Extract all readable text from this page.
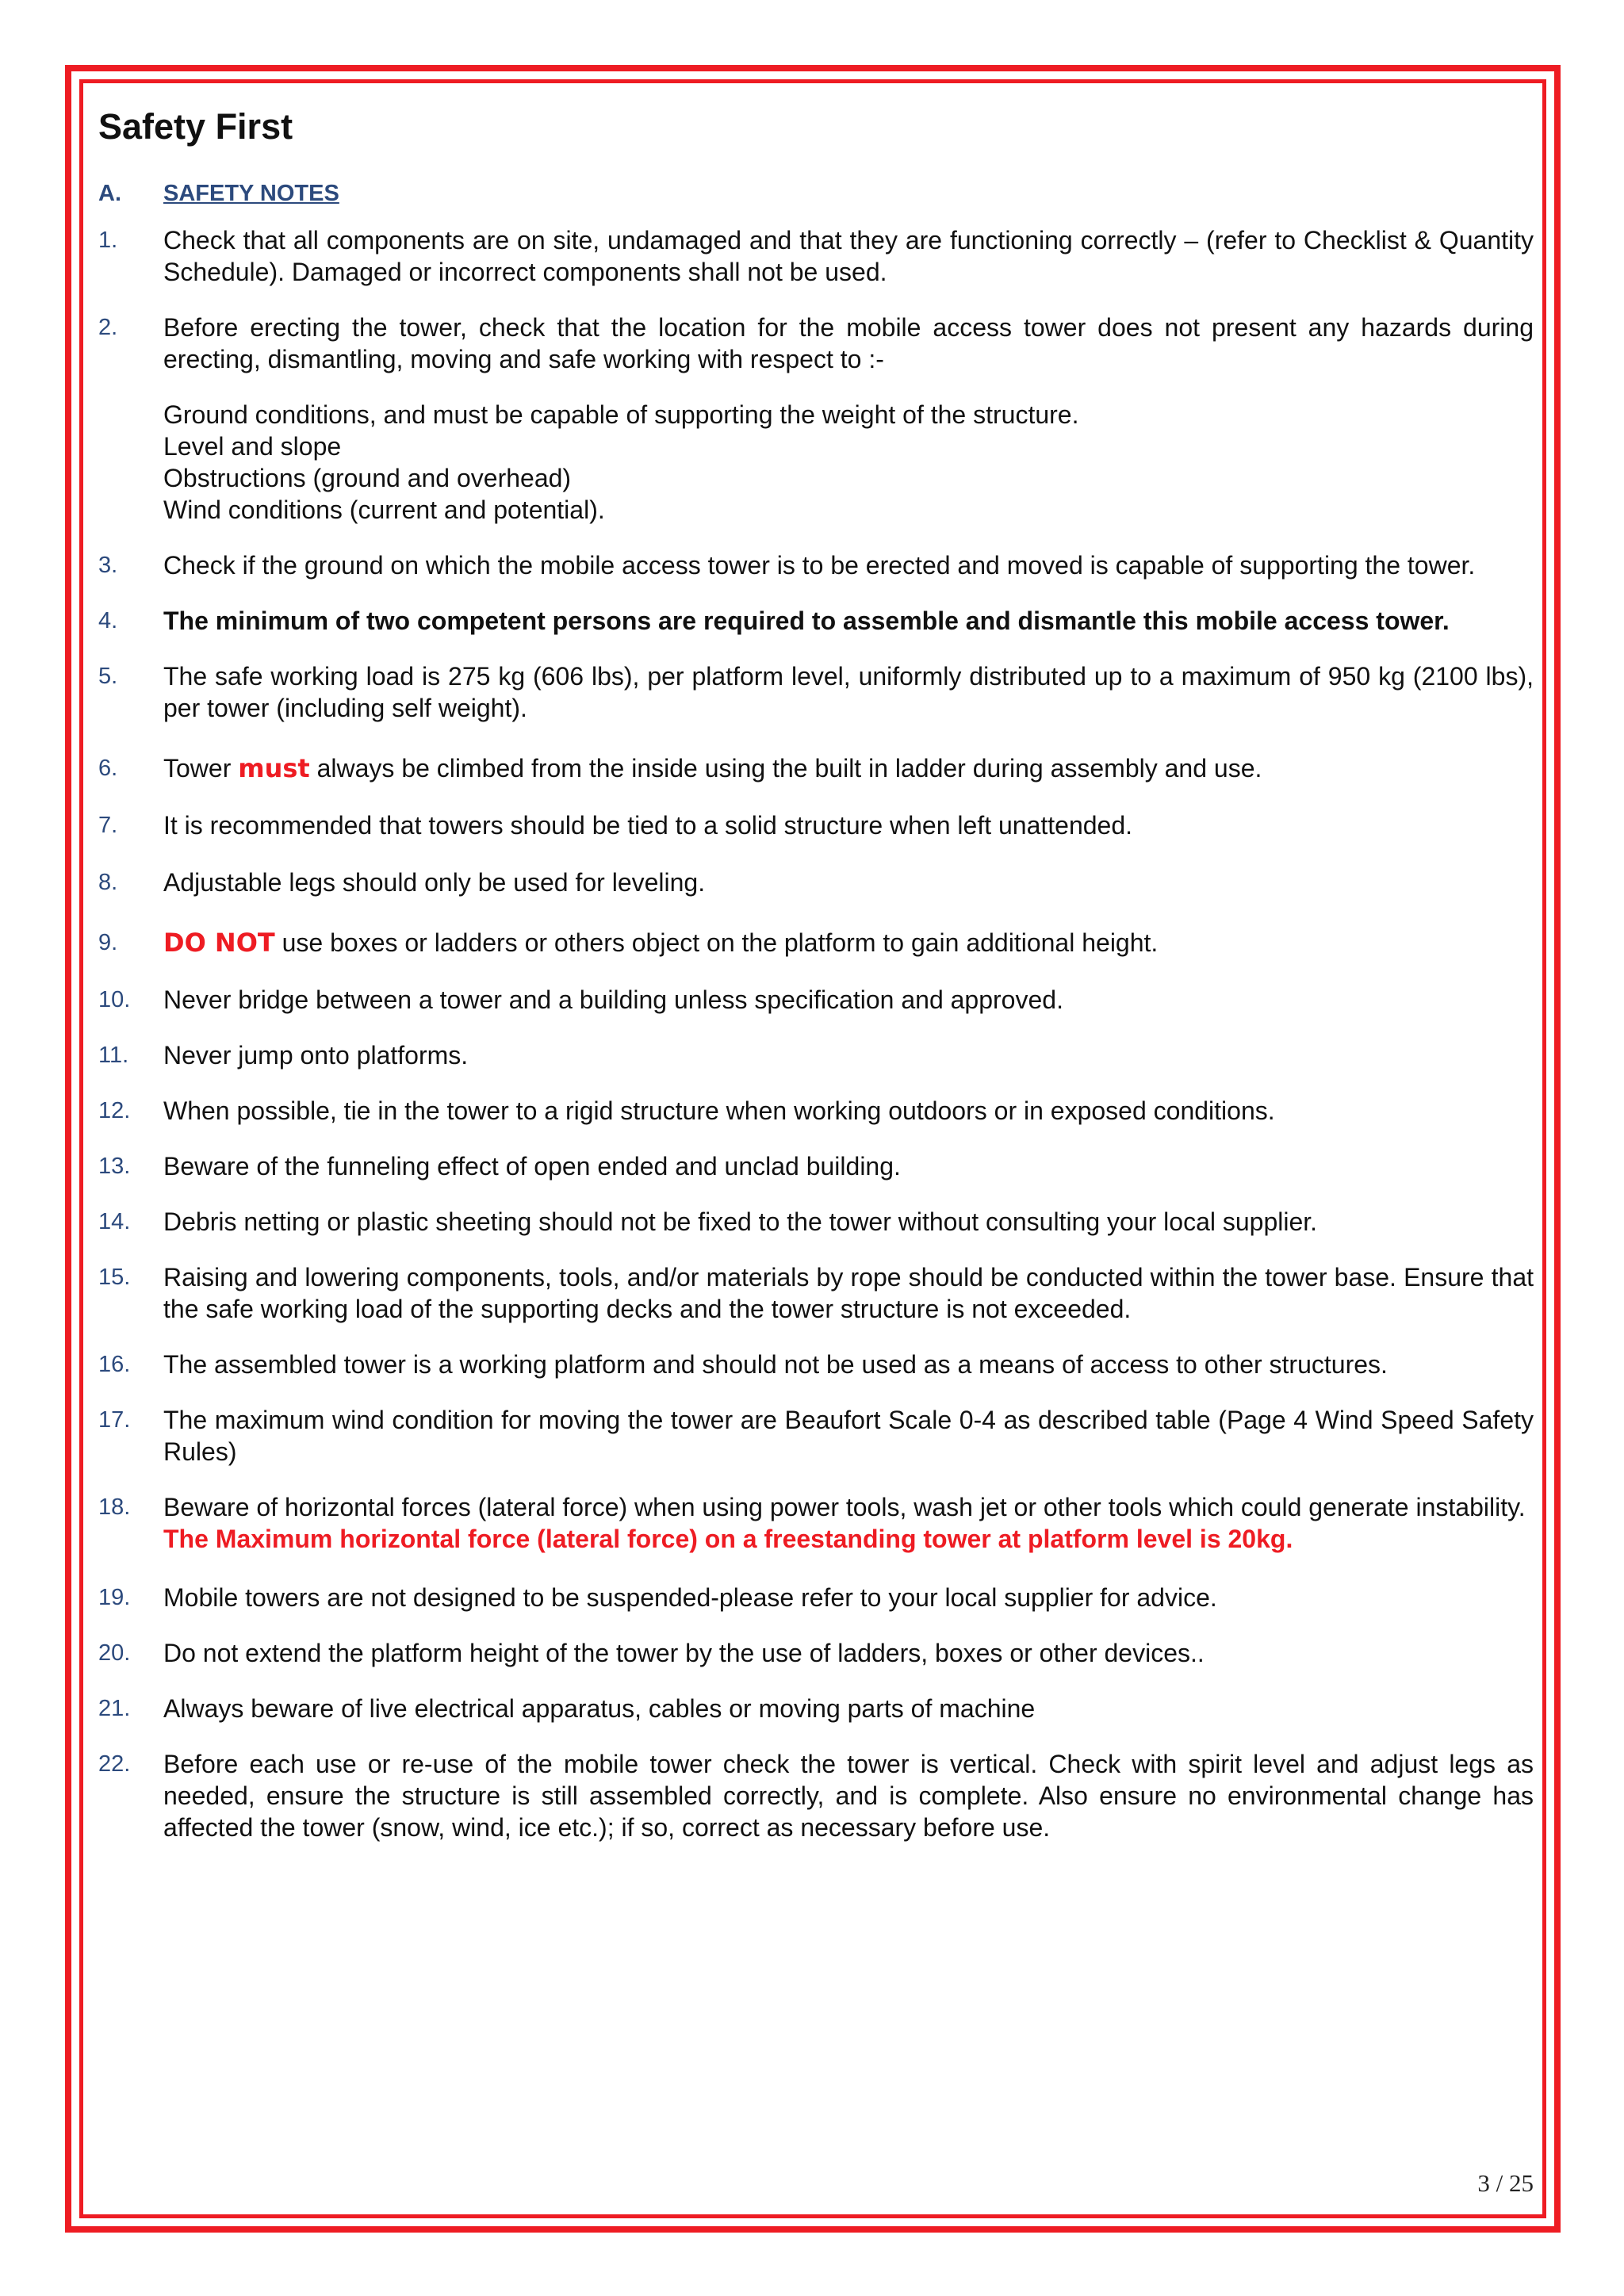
Safety First
A.	SAFETY NOTES
1.	Check that all components are on site, undamaged and that they are functioning correctly – (refer to Checklist & Quantity Schedule). Damaged or incorrect components shall not be used.
2.	Before erecting the tower, check that the location for the mobile access tower does not present any hazards during erecting, dismantling, moving and safe working with respect to :-
Ground conditions, and must be capable of supporting the weight of the structure.
Level and slope
Obstructions (ground and overhead)
Wind conditions (current and potential).
3.	Check if the ground on which the mobile access tower is to be erected and moved is capable of supporting the tower.
4.	The minimum of two competent persons are required to assemble and dismantle this mobile access tower.
5.	The safe working load is 275 kg (606 lbs), per platform level, uniformly distributed up to a maximum of 950 kg (2100 lbs), per tower (including self weight).
6.	Tower must always be climbed from the inside using the built in ladder during assembly and use.
7.	It is recommended that towers should be tied to a solid structure when left unattended.
8.	Adjustable legs should only be used for leveling.
9.	DO NOT use boxes or ladders or others object on the platform to gain additional height.
10.	Never bridge between a tower and a building unless specification and approved.
11.	Never jump onto platforms.
12.	When possible, tie in the tower to a rigid structure when working outdoors or in exposed conditions.
13.	Beware of the funneling effect of open ended and unclad building.
14.	Debris netting or plastic sheeting should not be fixed to the tower without consulting your local supplier.
15.	Raising and lowering components, tools, and/or materials by rope should be conducted within the tower base. Ensure that the safe working load of the supporting decks and the tower structure is not exceeded.
16.	The assembled tower is a working platform and should not be used as a means of access to other structures.
17.	The maximum wind condition for moving the tower are Beaufort Scale 0-4 as described table (Page 4 Wind Speed Safety Rules)
18.	Beware of horizontal forces (lateral force) when using power tools, wash jet or other tools which could generate instability.
The Maximum horizontal force (lateral force) on a freestanding tower at platform level is 20kg.
19.	Mobile towers are not designed to be suspended-please refer to your local supplier for advice.
20.	Do not extend the platform height of the tower by the use of ladders, boxes or other devices..
21.	Always beware of live electrical apparatus, cables or moving parts of machine
22.	Before each use or re-use of the mobile tower check the tower is vertical. Check with spirit level and adjust legs as needed, ensure the structure is still assembled correctly, and is complete. Also ensure no environmental change has affected the tower (snow, wind, ice etc.); if so, correct as necessary before use.
3 / 25
